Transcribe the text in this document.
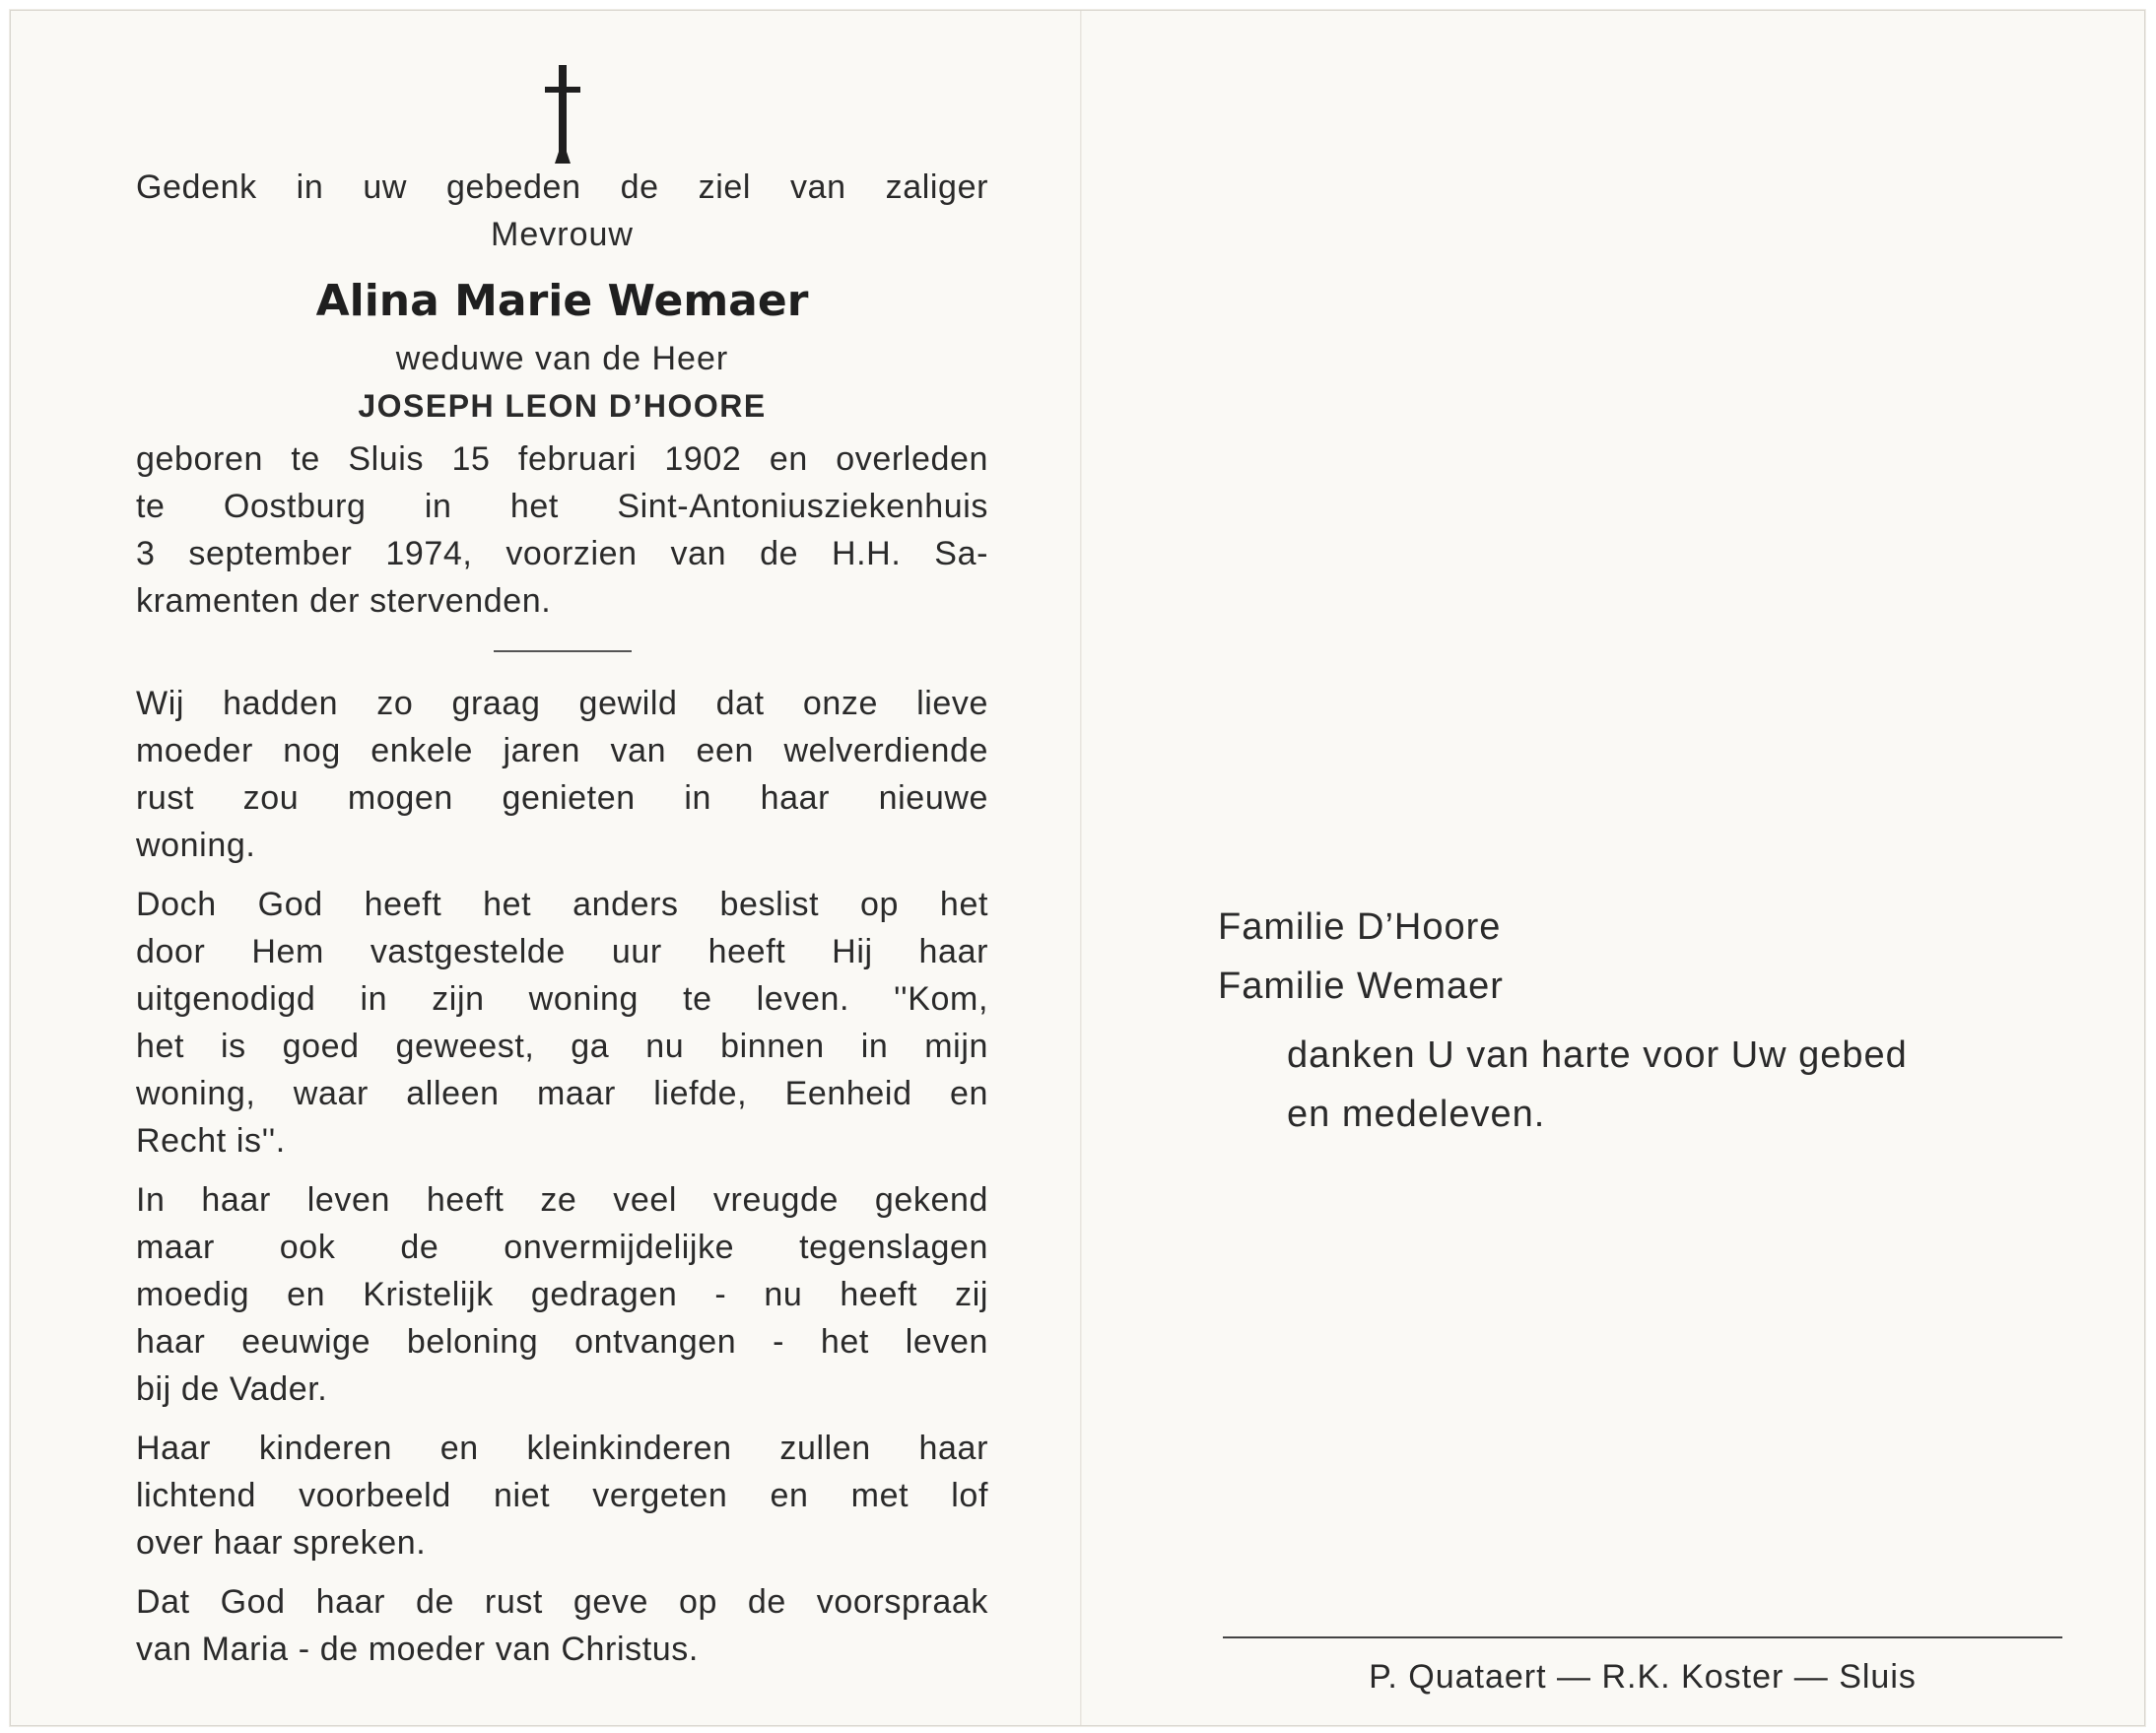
Gedenk in uw gebeden de ziel van zaliger
Mevrouw
Alina Marie Wemaer
weduwe van de Heer
JOSEPH LEON D’HOORE
geboren te Sluis 15 februari 1902 en overleden
te Oostburg in het Sint-Antoniusziekenhuis
3 september 1974, voorzien van de H.H. Sa-
kramenten der stervenden.
Wij hadden zo graag gewild dat onze lieve
moeder nog enkele jaren van een welverdiende
rust zou mogen genieten in haar nieuwe
woning.
Doch God heeft het anders beslist op het
door Hem vastgestelde uur heeft Hij haar
uitgenodigd in zijn woning te leven. ''Kom,
het is goed geweest, ga nu binnen in mijn
woning, waar alleen maar liefde, Eenheid en
Recht is''.
In haar leven heeft ze veel vreugde gekend
maar ook de onvermijdelijke tegenslagen
moedig en Kristelijk gedragen - nu heeft zij
haar eeuwige beloning ontvangen - het leven
bij de Vader.
Haar kinderen en kleinkinderen zullen haar
lichtend voorbeeld niet vergeten en met lof
over haar spreken.
Dat God haar de rust geve op de voorspraak
van Maria - de moeder van Christus.
Familie D’Hoore
Familie Wemaer
danken U van harte voor Uw gebed
en medeleven.
P. Quataert — R.K. Koster — Sluis
